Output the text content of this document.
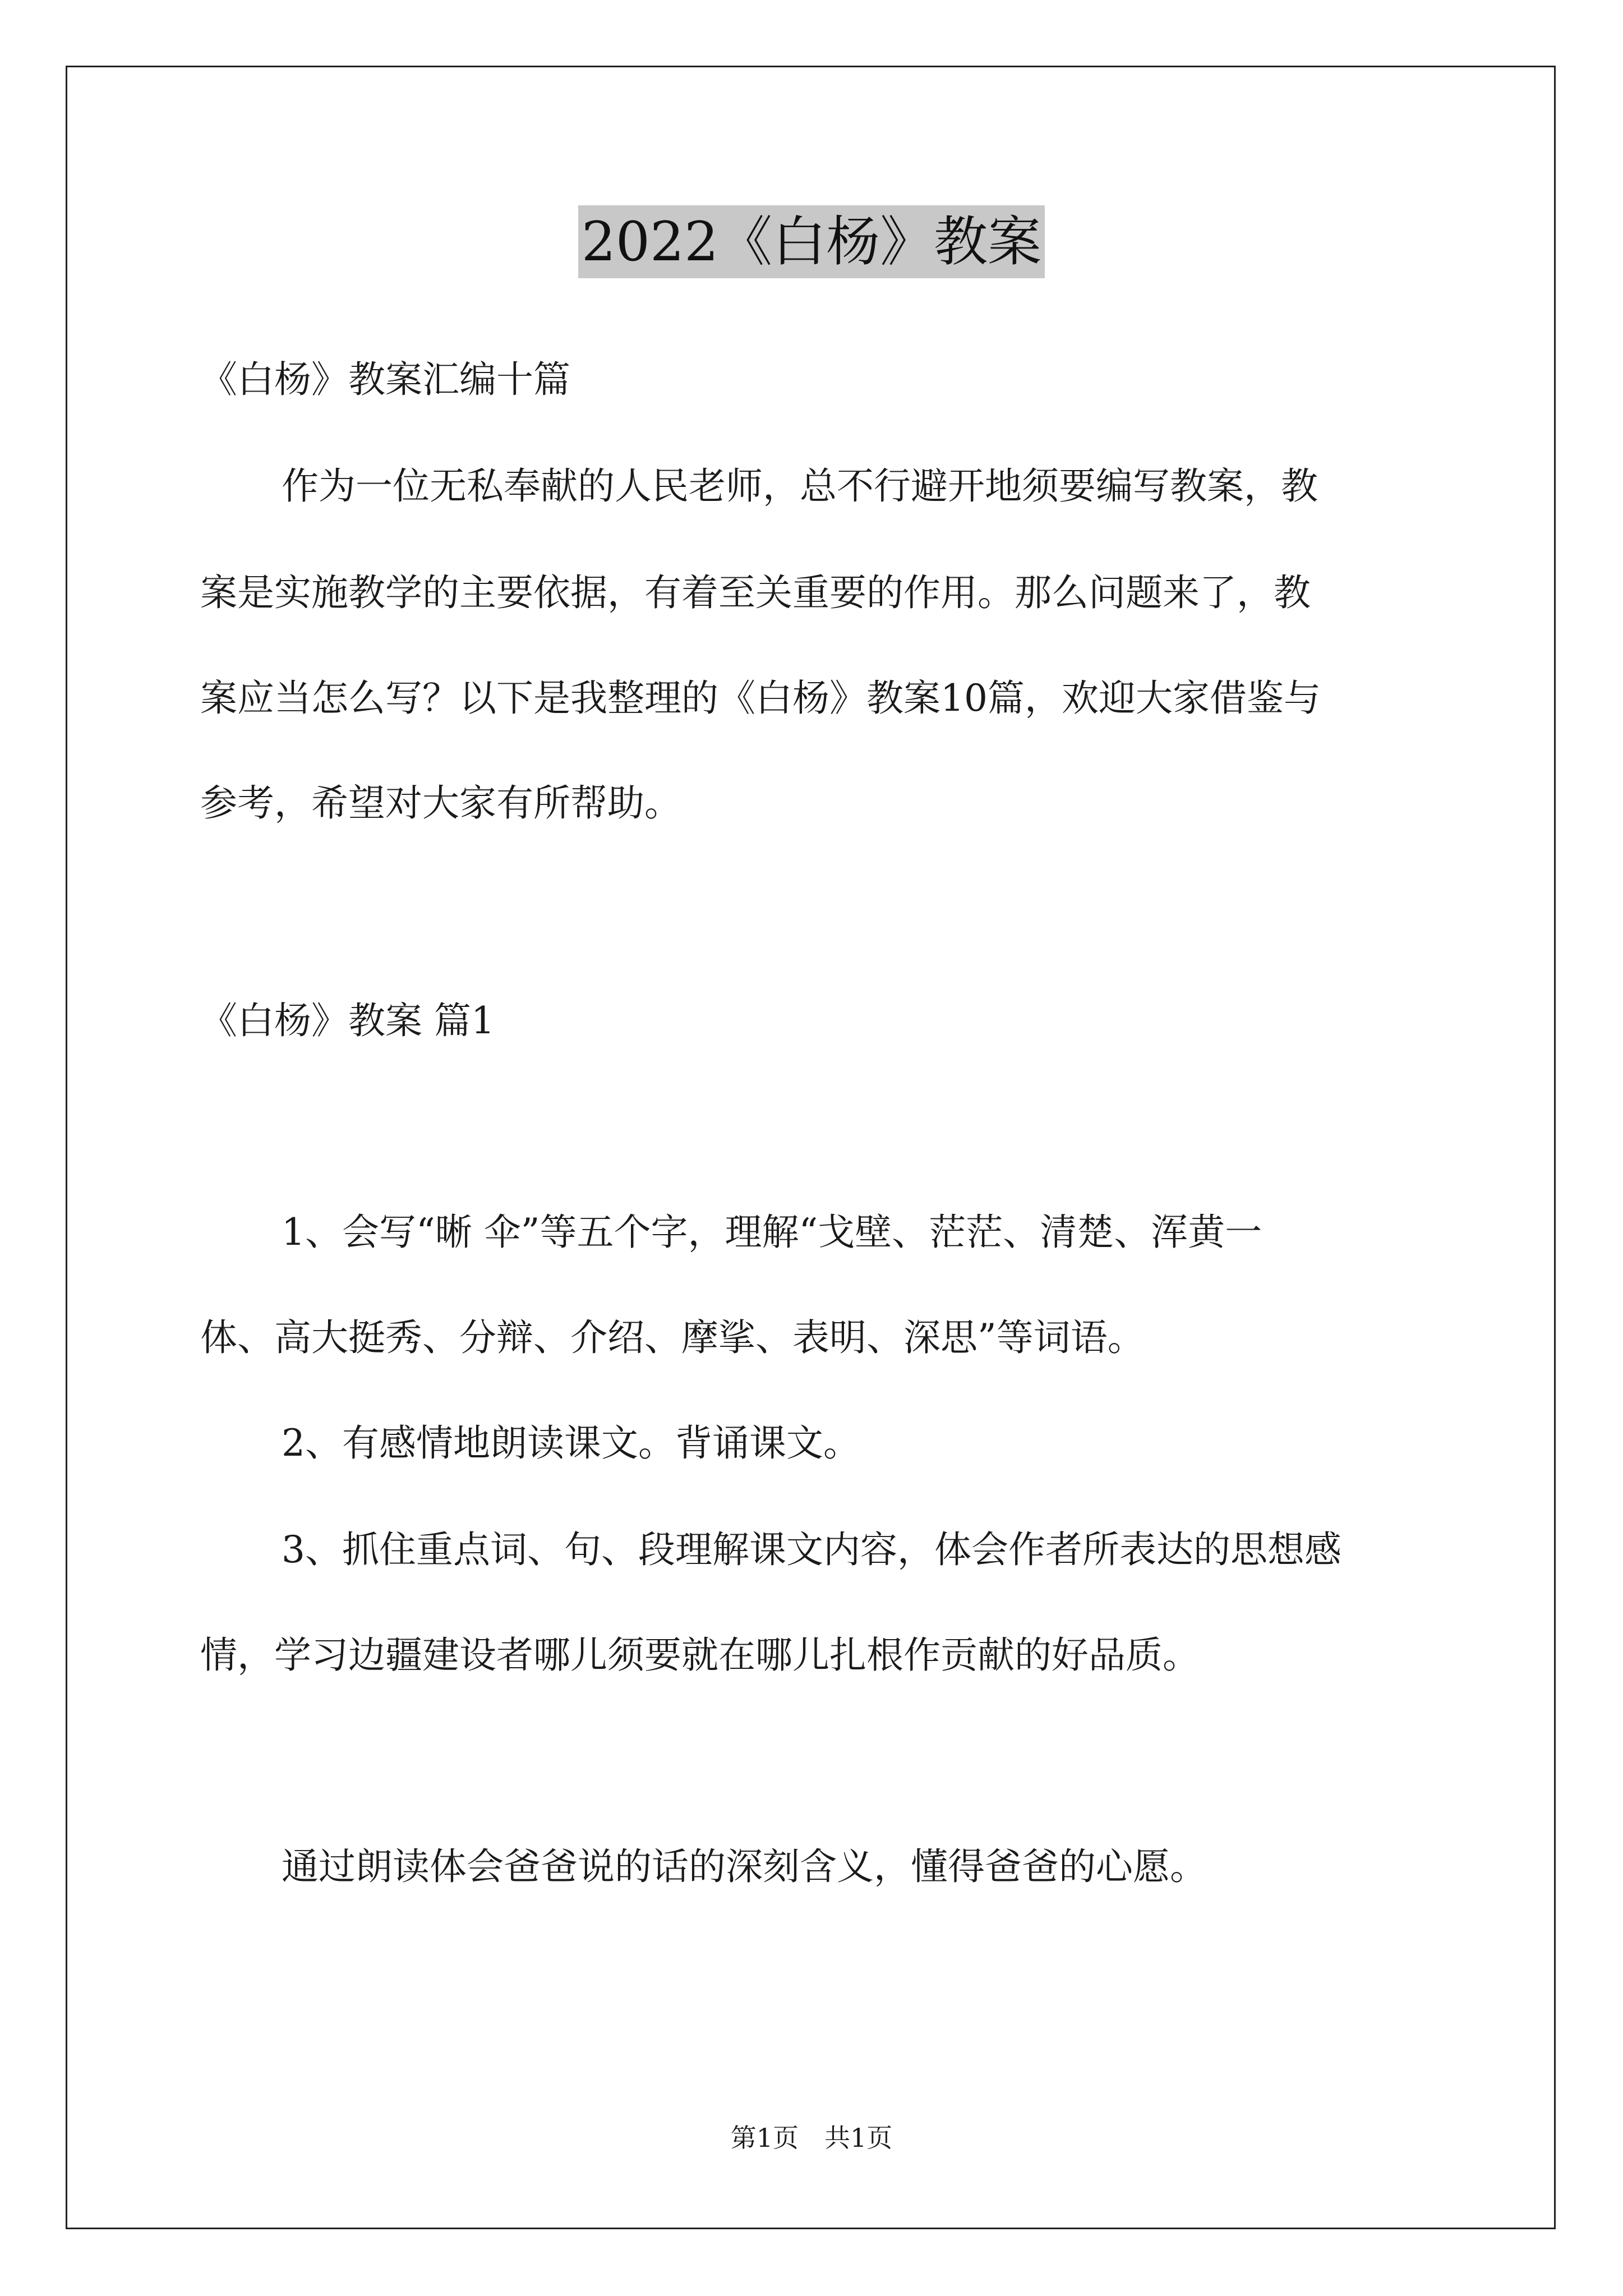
2022《白杨》教案
《白杨》教案汇编十篇
作为一位无私奉献的人民老师，总不行避开地须要编写教案，教
案是实施教学的主要依据，有着至关重要的作用。那么问题来了，教
案应当怎么写？以下是我整理的《白杨》教案10篇，欢迎大家借鉴与
参考，希望对大家有所帮助。
《白杨》教案 篇1
1、会写“晰 伞”等五个字，理解“戈壁、茫茫、清楚、浑黄一
体、高大挺秀、分辩、介绍、摩挲、表明、深思”等词语。
2、有感情地朗读课文。背诵课文。
3、抓住重点词、句、段理解课文内容，体会作者所表达的思想感
情，学习边疆建设者哪儿须要就在哪儿扎根作贡献的好品质。
通过朗读体会爸爸说的话的深刻含义，懂得爸爸的心愿。
第1页　共1页
